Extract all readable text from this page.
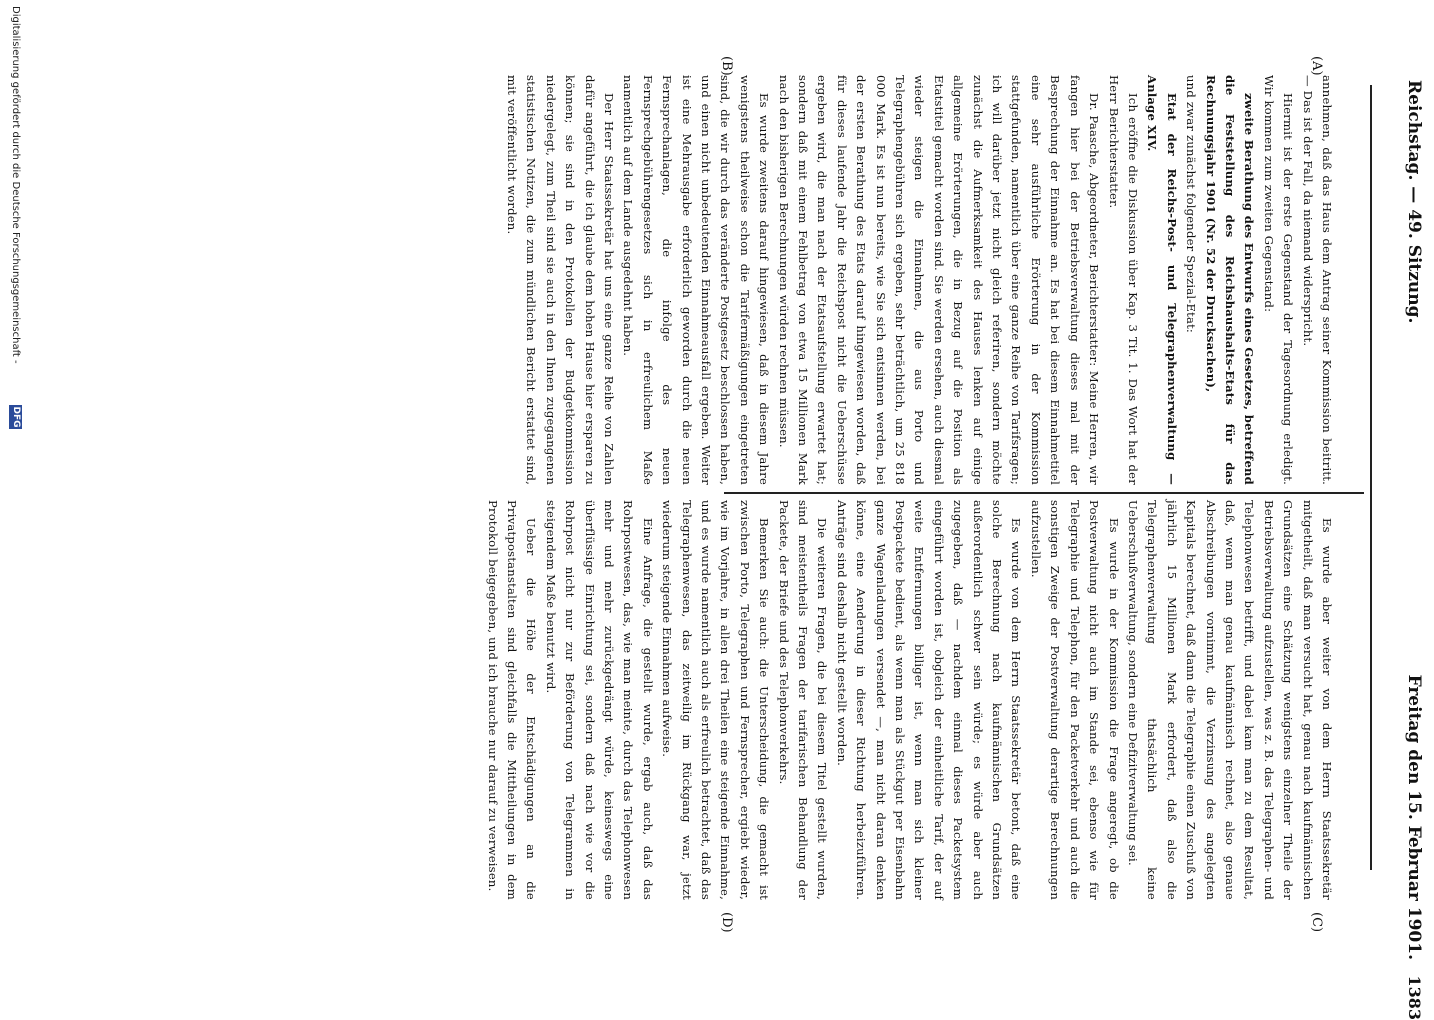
Reichstag. — 49. Sitzung.
Freitag den 15. Februar 1901.
1383
(A)
(B)
(C)
(D)

annehmen, daß das Haus dem Antrag seiner Kommission beitritt. — Das ist der Fall, da niemand widerspricht.

Hiermit ist der erste Gegenstand der Tagesordnung erledigt. Wir kommen zum zweiten Gegenstand:

zweite Berathung des Entwurfs eines Gesetzes, betreffend die Feststellung des Reichshaushalts-Etats für das Rechnungsjahr 1901 (Nr. 52 der Drucksachen),

und zwar zunächst folgender Spezial-Etat:

Etat der Reichs-Post- und Telegraphenverwaltung — Anlage XIV.

Ich eröffne die Diskussion über Kap. 3 Tit. 1. Das Wort hat der Herr Berichterstatter.

Dr. Paasche, Abgeordneter, Berichterstatter: Meine Herren, wir fangen hier bei der Betriebsverwaltung dieses mal mit der Besprechung der Einnahme an. Es hat bei diesem Einnahmetitel eine sehr ausführliche Erörterung in der Kommission stattgefunden, namentlich über eine ganze Reihe von Tarifsragen; ich will darüber jetzt nicht gleich referiren, sondern möchte zunächst die Aufmerksamkeit des Hauses lenken auf einige allgemeine Erörterungen, die in Bezug auf die Position als Etatstitel gemacht worden sind. Sie werden ersehen, auch diesmal wieder steigen die Einnahmen, die aus Porto und Telegraphengebühren sich ergeben, sehr beträchtlich, um 25 818 000 Mark. Es ist nun bereits, wie Sie sich entsinnen werden, bei der ersten Berathung des Etats darauf hingewiesen worden, daß für dieses laufende Jahr die Reichspost nicht die Ueberschüsse ergeben wird, die man nach der Etatsaufstellung erwartet hat; sondern daß mit einem Fehlbetrag von etwa 15 Millionen Mark nach den bisherigen Berechnungen würden rechnen müssen.

Es wurde zweitens darauf hingewiesen, daß in diesem Jahre wenigstens theilweise schon die Tarifermäßigungen eingetreten sind, die wir durch das veränderte Postgesetz beschlossen haben, und einen nicht unbedeutenden Einnahmeausfall ergeben. Weiter ist eine Mehrausgabe erforderlich geworden durch die neuen Fernsprechanlagen, die infolge des neuen Fernsprechgebührengesetzes sich in erfreulichem Maße namentlich auf dem Lande ausgedehnt haben.

Der Herr Staatssekretär hat uns eine ganze Reihe von Zahlen dafür angeführt, die ich glaube dem hohen Hause hier ersparen zu können; sie sind in den Protokollen der Budgetkommission niedergelegt, zum Theil sind sie auch in den Ihnen zugegangenen statistischen Notizen, die zum mündlichen Bericht erstattet sind, mit veröffentlicht worden.

Es wurde aber weiter von dem Herrn Staatssekretär mitgetheilt, daß man versucht hat, genau nach kaufmännischen Grundsätzen eine Schätzung wenigstens einzelner Theile der Betriebsverwaltung aufzustellen, was z. B. das Telegraphen- und Telephonwesen betrifft, und dabei kam man zu dem Resultat, daß, wenn man genau kaufmännisch rechnet, also genaue Abschreibungen vornimmt, die Verzinsung des angelegten Kapitals berechnet, daß dann die Telegraphie einen Zuschuß von jährlich 15 Millionen Mark erfordert, daß also die Telegraphenverwaltung thatsächlich keine Ueberschußverwaltung, sondern eine Defizitverwaltung sei.

Es wurde in der Kommission die Frage angeregt, ob die Postverwaltung nicht auch im Stande sei, ebenso wie für Telegraphie und Telephon, für den Packetverkehr und auch die sonstigen Zweige der Postverwaltung derartige Berechnungen aufzustellen.

Es wurde von dem Herrn Staatssekretär betont, daß eine solche Berechnung nach kaufmännischen Grundsätzen außerordentlich schwer sein würde; es würde aber auch zugegeben, daß — nachdem einmal dieses Packetsystem eingeführt worden ist, obgleich der einheitliche Tarif, der auf weite Entfernungen billiger ist, wenn man sich kleiner Postpackete bedient, als wenn man als Stückgut per Eisenbahn ganze Wagenladungen versendet —, man nicht daran denken könne, eine Aenderung in dieser Richtung herbeizuführen. Anträge sind deshalb nicht gestellt worden.

Die weiteren Fragen, die bei diesem Titel gestellt wurden, sind meistentheils Fragen der tarifarischen Behandlung der Packete, der Briefe und des Telephonverkehrs.

Bemerken Sie auch: die Unterscheidung, die gemacht ist zwischen Porto, Telegraphen und Fernsprecher, ergiebt wieder, wie im Vorjahre, in allen drei Theilen eine steigende Einnahme, und es wurde namentlich auch als erfreulich betrachtet, daß das Telegraphenwesen, das zeitweilig im Rückgang war, jetzt wiederum steigende Einnahmen aufweise.

Eine Anfrage, die gestellt wurde, ergab auch, daß das Rohrpostwesen, das, wie man meinte, durch das Telephonwesen mehr und mehr zurückgedrängt würde, keineswegs eine überflüssige Einrichtung sei, sondern daß nach wie vor die Rohrpost nicht nur zur Beförderung von Telegrammen in steigendem Maße benutzt wird.

Ueber die Höhe der Entschädigungen an die Privatpostanstalten sind gleichfalls die Mittheilungen in dem Protokoll beigegeben, und ich brauche nur darauf zu verweisen.

Digitalisierung gefördert durch die Deutsche Forschungsgemeinschaft -
DFG
